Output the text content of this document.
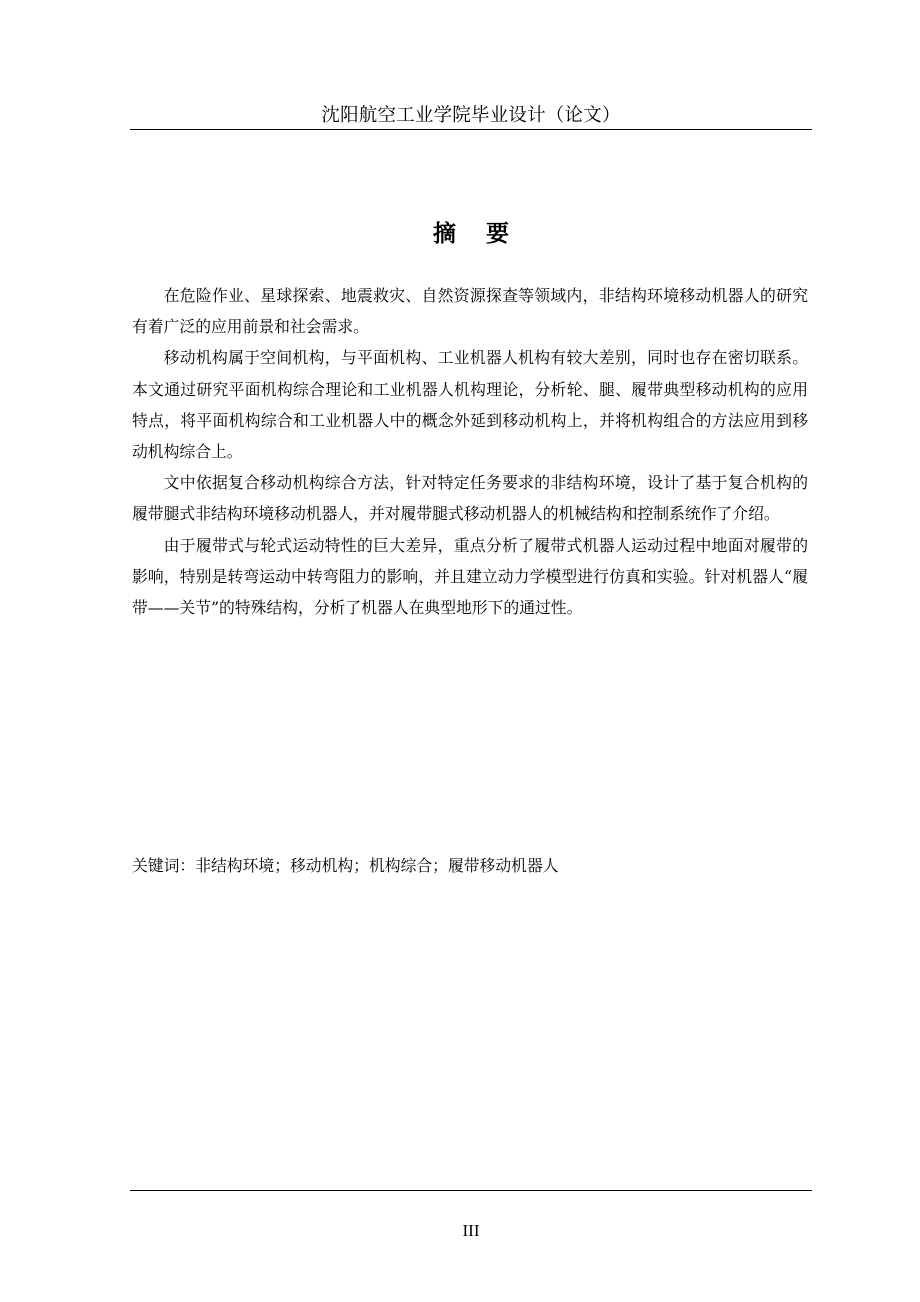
沈阳航空工业学院毕业设计（论文）
摘要

在危险作业、星球探索、地震救灾、自然资源探查等领域内，非结构环境移动机器人的研究有着广泛的应用前景和社会需求。

移动机构属于空间机构，与平面机构、工业机器人机构有较大差别，同时也存在密切联系。本文通过研究平面机构综合理论和工业机器人机构理论，分析轮、腿、履带典型移动机构的应用特点，将平面机构综合和工业机器人中的概念外延到移动机构上，并将机构组合的方法应用到移动机构综合上。

文中依据复合移动机构综合方法，针对特定任务要求的非结构环境，设计了基于复合机构的履带腿式非结构环境移动机器人，并对履带腿式移动机器人的机械结构和控制系统作了介绍。

由于履带式与轮式运动特性的巨大差异，重点分析了履带式机器人运动过程中地面对履带的影响，特别是转弯运动中转弯阻力的影响，并且建立动力学模型进行仿真和实验。针对机器人“履带——关节”的特殊结构，分析了机器人在典型地形下的通过性。

关键词：非结构环境；移动机构；机构综合；履带移动机器人
III
